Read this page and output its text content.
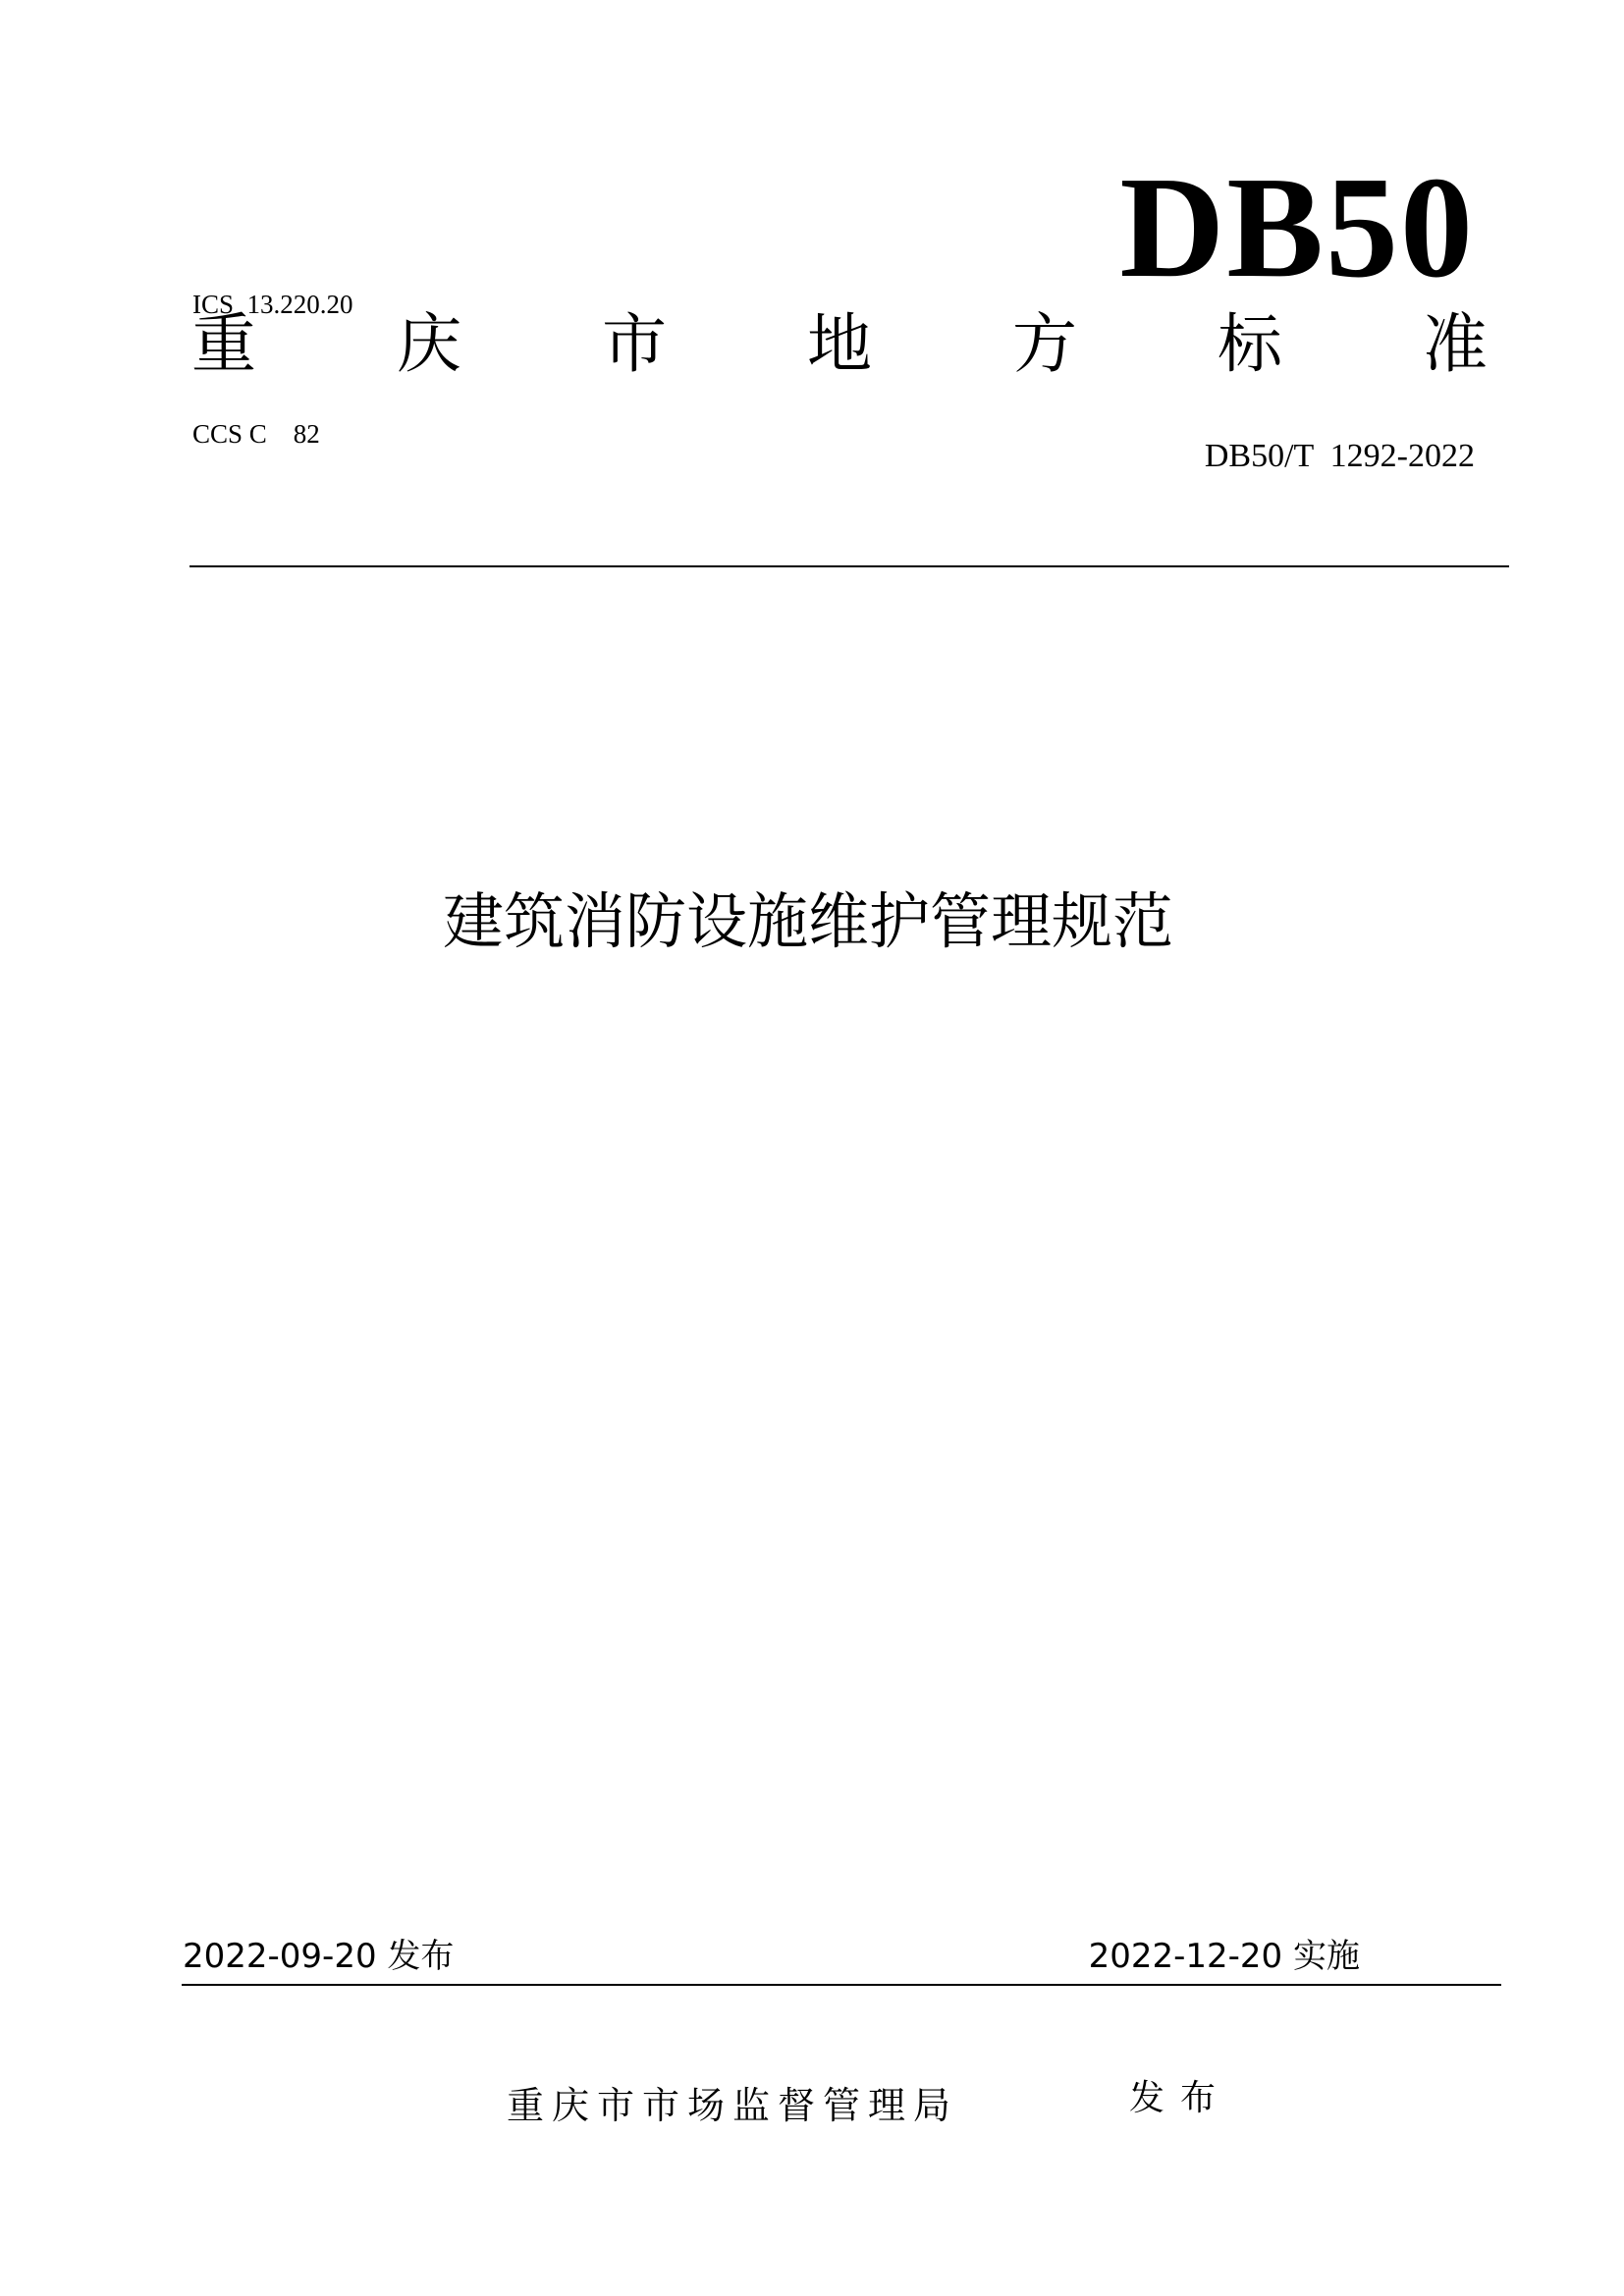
ICS  13.220.20

CCS C    82

DB50
重 庆 市 地 方 标 准
DB50/T  1292-2022
建筑消防设施维护管理规范
2022-09-20 发布	2022-12-20 实施
重庆市市场监督管理局	发布
